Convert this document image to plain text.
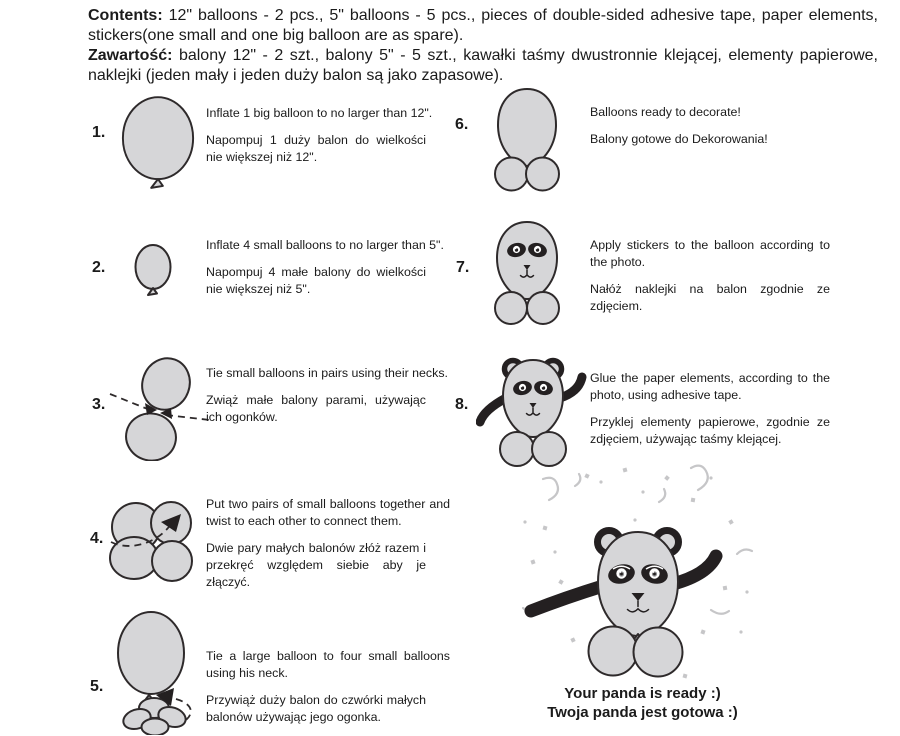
Contents: 12" balloons - 2 pcs., 5" balloons - 5 pcs., pieces of double-sided adhesive tape, paper elements, stickers(one small and one big balloon are as spare).

Zawartość: balony 12" - 2 szt., balony 5" - 5 szt., kawałki taśmy dwustronnie klejącej, elementy papierowe, naklejki (jeden mały i jeden duży balon są jako zapasowe).

1.

Inflate 1 big balloon to no larger than 12".

Napompuj 1 duży balon do wielkości nie większej niż 12".

2.

Inflate 4 small balloons to no larger than 5".

Napompuj 4 małe balony do wielkości nie większej niż 5".

3.

Tie small balloons in pairs using their necks.

Zwiąż małe balony parami, używając ich ogonków.

4.

Put two pairs of small balloons together and twist to each other to connect them.

Dwie pary małych balonów złóż razem i przekręć względem siebie aby je złączyć.

5.

Tie a large balloon to four small balloons using his neck.

Przywiąż duży balon do czwórki małych balonów używając jego ogonka.

6.

Balloons ready to decorate!

Balony gotowe do Dekorowania!

7.

Apply stickers to the balloon according to the photo.

Nałóż naklejki na balon zgodnie ze zdjęciem.

8.

Glue the paper elements, according to the photo, using adhesive tape.

Przyklej elementy papierowe, zgodnie ze zdjęciem, używając taśmy klejącej.

Your panda is ready :)

Twoja panda jest gotowa :)
